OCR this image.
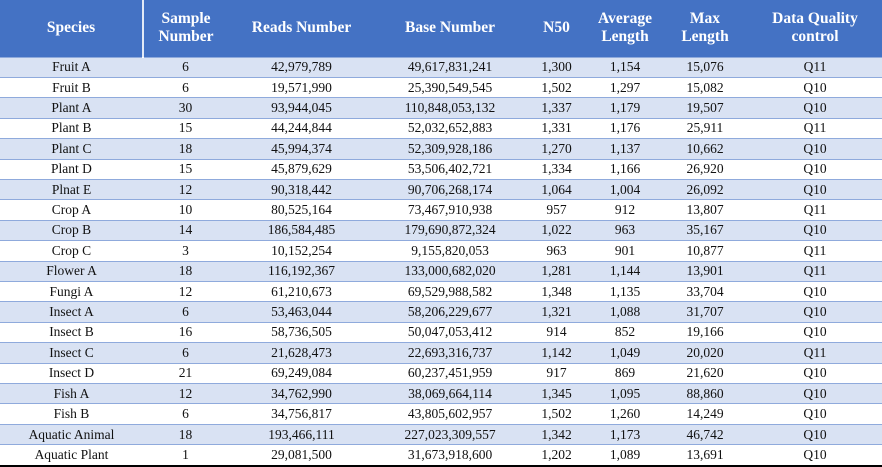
Species	Sample Number	Reads Number	Base Number	N50	Average Length	Max Length	Data Quality control
Fruit A	6	42,979,789	49,617,831,241	1,300	1,154	15,076	Q11
Fruit B	6	19,571,990	25,390,549,545	1,502	1,297	15,082	Q10
Plant A	30	93,944,045	110,848,053,132	1,337	1,179	19,507	Q10
Plant B	15	44,244,844	52,032,652,883	1,331	1,176	25,911	Q11
Plant C	18	45,994,374	52,309,928,186	1,270	1,137	10,662	Q10
Plant D	15	45,879,629	53,506,402,721	1,334	1,166	26,920	Q10
Plnat E	12	90,318,442	90,706,268,174	1,064	1,004	26,092	Q10
Crop A	10	80,525,164	73,467,910,938	957	912	13,807	Q11
Crop B	14	186,584,485	179,690,872,324	1,022	963	35,167	Q10
Crop C	3	10,152,254	9,155,820,053	963	901	10,877	Q11
Flower A	18	116,192,367	133,000,682,020	1,281	1,144	13,901	Q11
Fungi A	12	61,210,673	69,529,988,582	1,348	1,135	33,704	Q10
Insect A	6	53,463,044	58,206,229,677	1,321	1,088	31,707	Q10
Insect B	16	58,736,505	50,047,053,412	914	852	19,166	Q10
Insect C	6	21,628,473	22,693,316,737	1,142	1,049	20,020	Q11
Insect D	21	69,249,084	60,237,451,959	917	869	21,620	Q10
Fish A	12	34,762,990	38,069,664,114	1,345	1,095	88,860	Q10
Fish B	6	34,756,817	43,805,602,957	1,502	1,260	14,249	Q10
Aquatic Animal	18	193,466,111	227,023,309,557	1,342	1,173	46,742	Q10
Aquatic Plant	1	29,081,500	31,673,918,600	1,202	1,089	13,691	Q10
